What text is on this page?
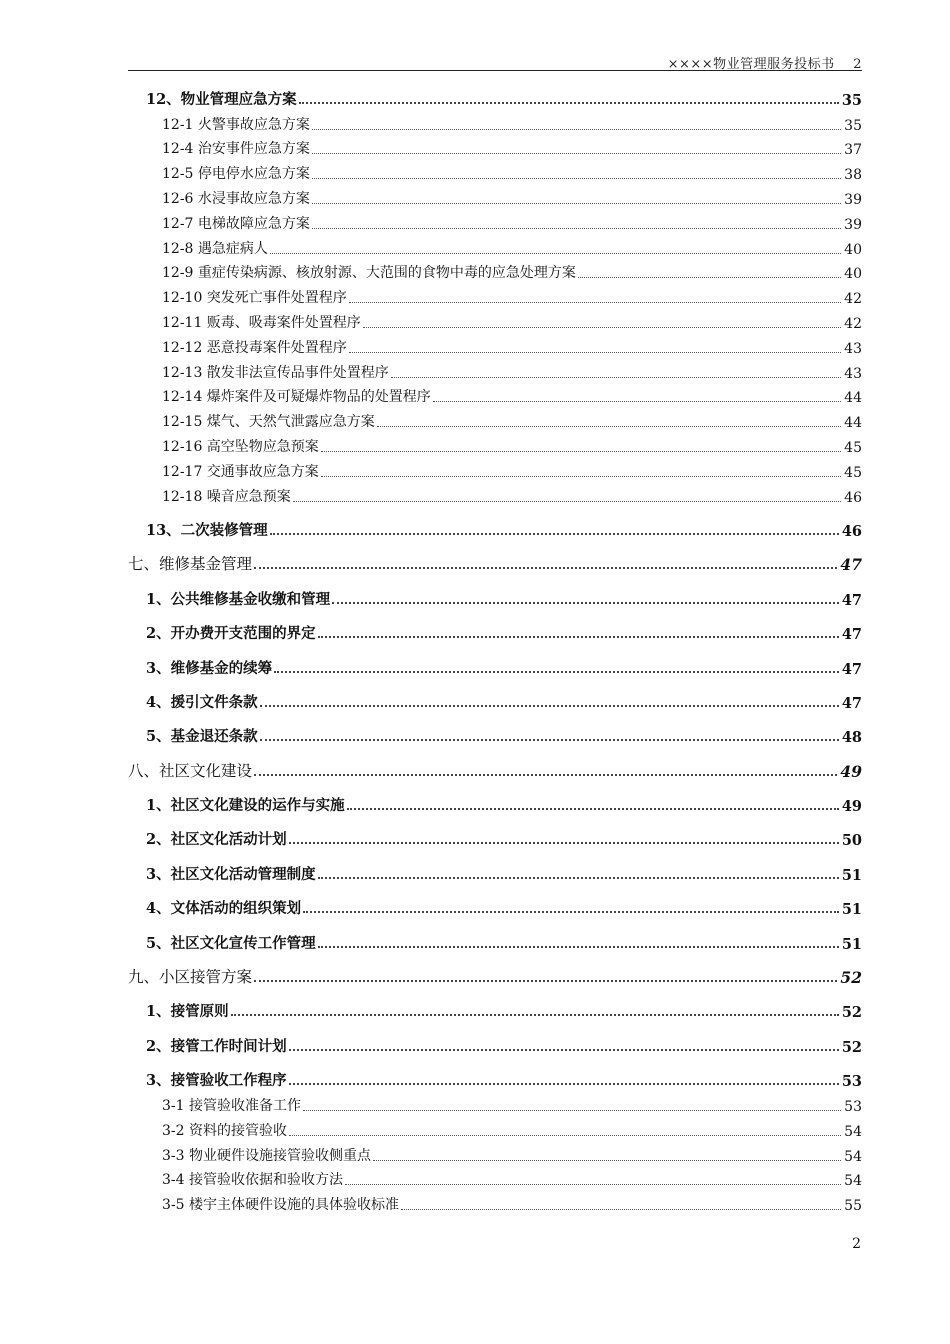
××××物业管理服务投标书 2
12、物业管理应急方案	35
12-1 火警事故应急方案	35
12-4 治安事件应急方案	37
12-5 停电停水应急方案	38
12-6 水浸事故应急方案	39
12-7 电梯故障应急方案	39
12-8 遇急症病人	40
12-9 重症传染病源、核放射源、大范围的食物中毒的应急处理方案	40
12-10 突发死亡事件处置程序	42
12-11 贩毒、吸毒案件处置程序	42
12-12 恶意投毒案件处置程序	43
12-13 散发非法宣传品事件处置程序	43
12-14 爆炸案件及可疑爆炸物品的处置程序	44
12-15 煤气、天然气泄露应急方案	44
12-16 高空坠物应急预案	45
12-17 交通事故应急方案	45
12-18 噪音应急预案	46
13、二次装修管理	46
七、维修基金管理	47
1、公共维修基金收缴和管理	47
2、开办费开支范围的界定	47
3、维修基金的续筹	47
4、援引文件条款	47
5、基金退还条款	48
八、社区文化建设	49
1、社区文化建设的运作与实施	49
2、社区文化活动计划	50
3、社区文化活动管理制度	51
4、文体活动的组织策划	51
5、社区文化宣传工作管理	51
九、小区接管方案	52
1、接管原则	52
2、接管工作时间计划	52
3、接管验收工作程序	53
3-1 接管验收准备工作	53
3-2 资料的接管验收	54
3-3 物业硬件设施接管验收侧重点	54
3-4 接管验收依据和验收方法	54
3-5 楼宇主体硬件设施的具体验收标准	55
2
